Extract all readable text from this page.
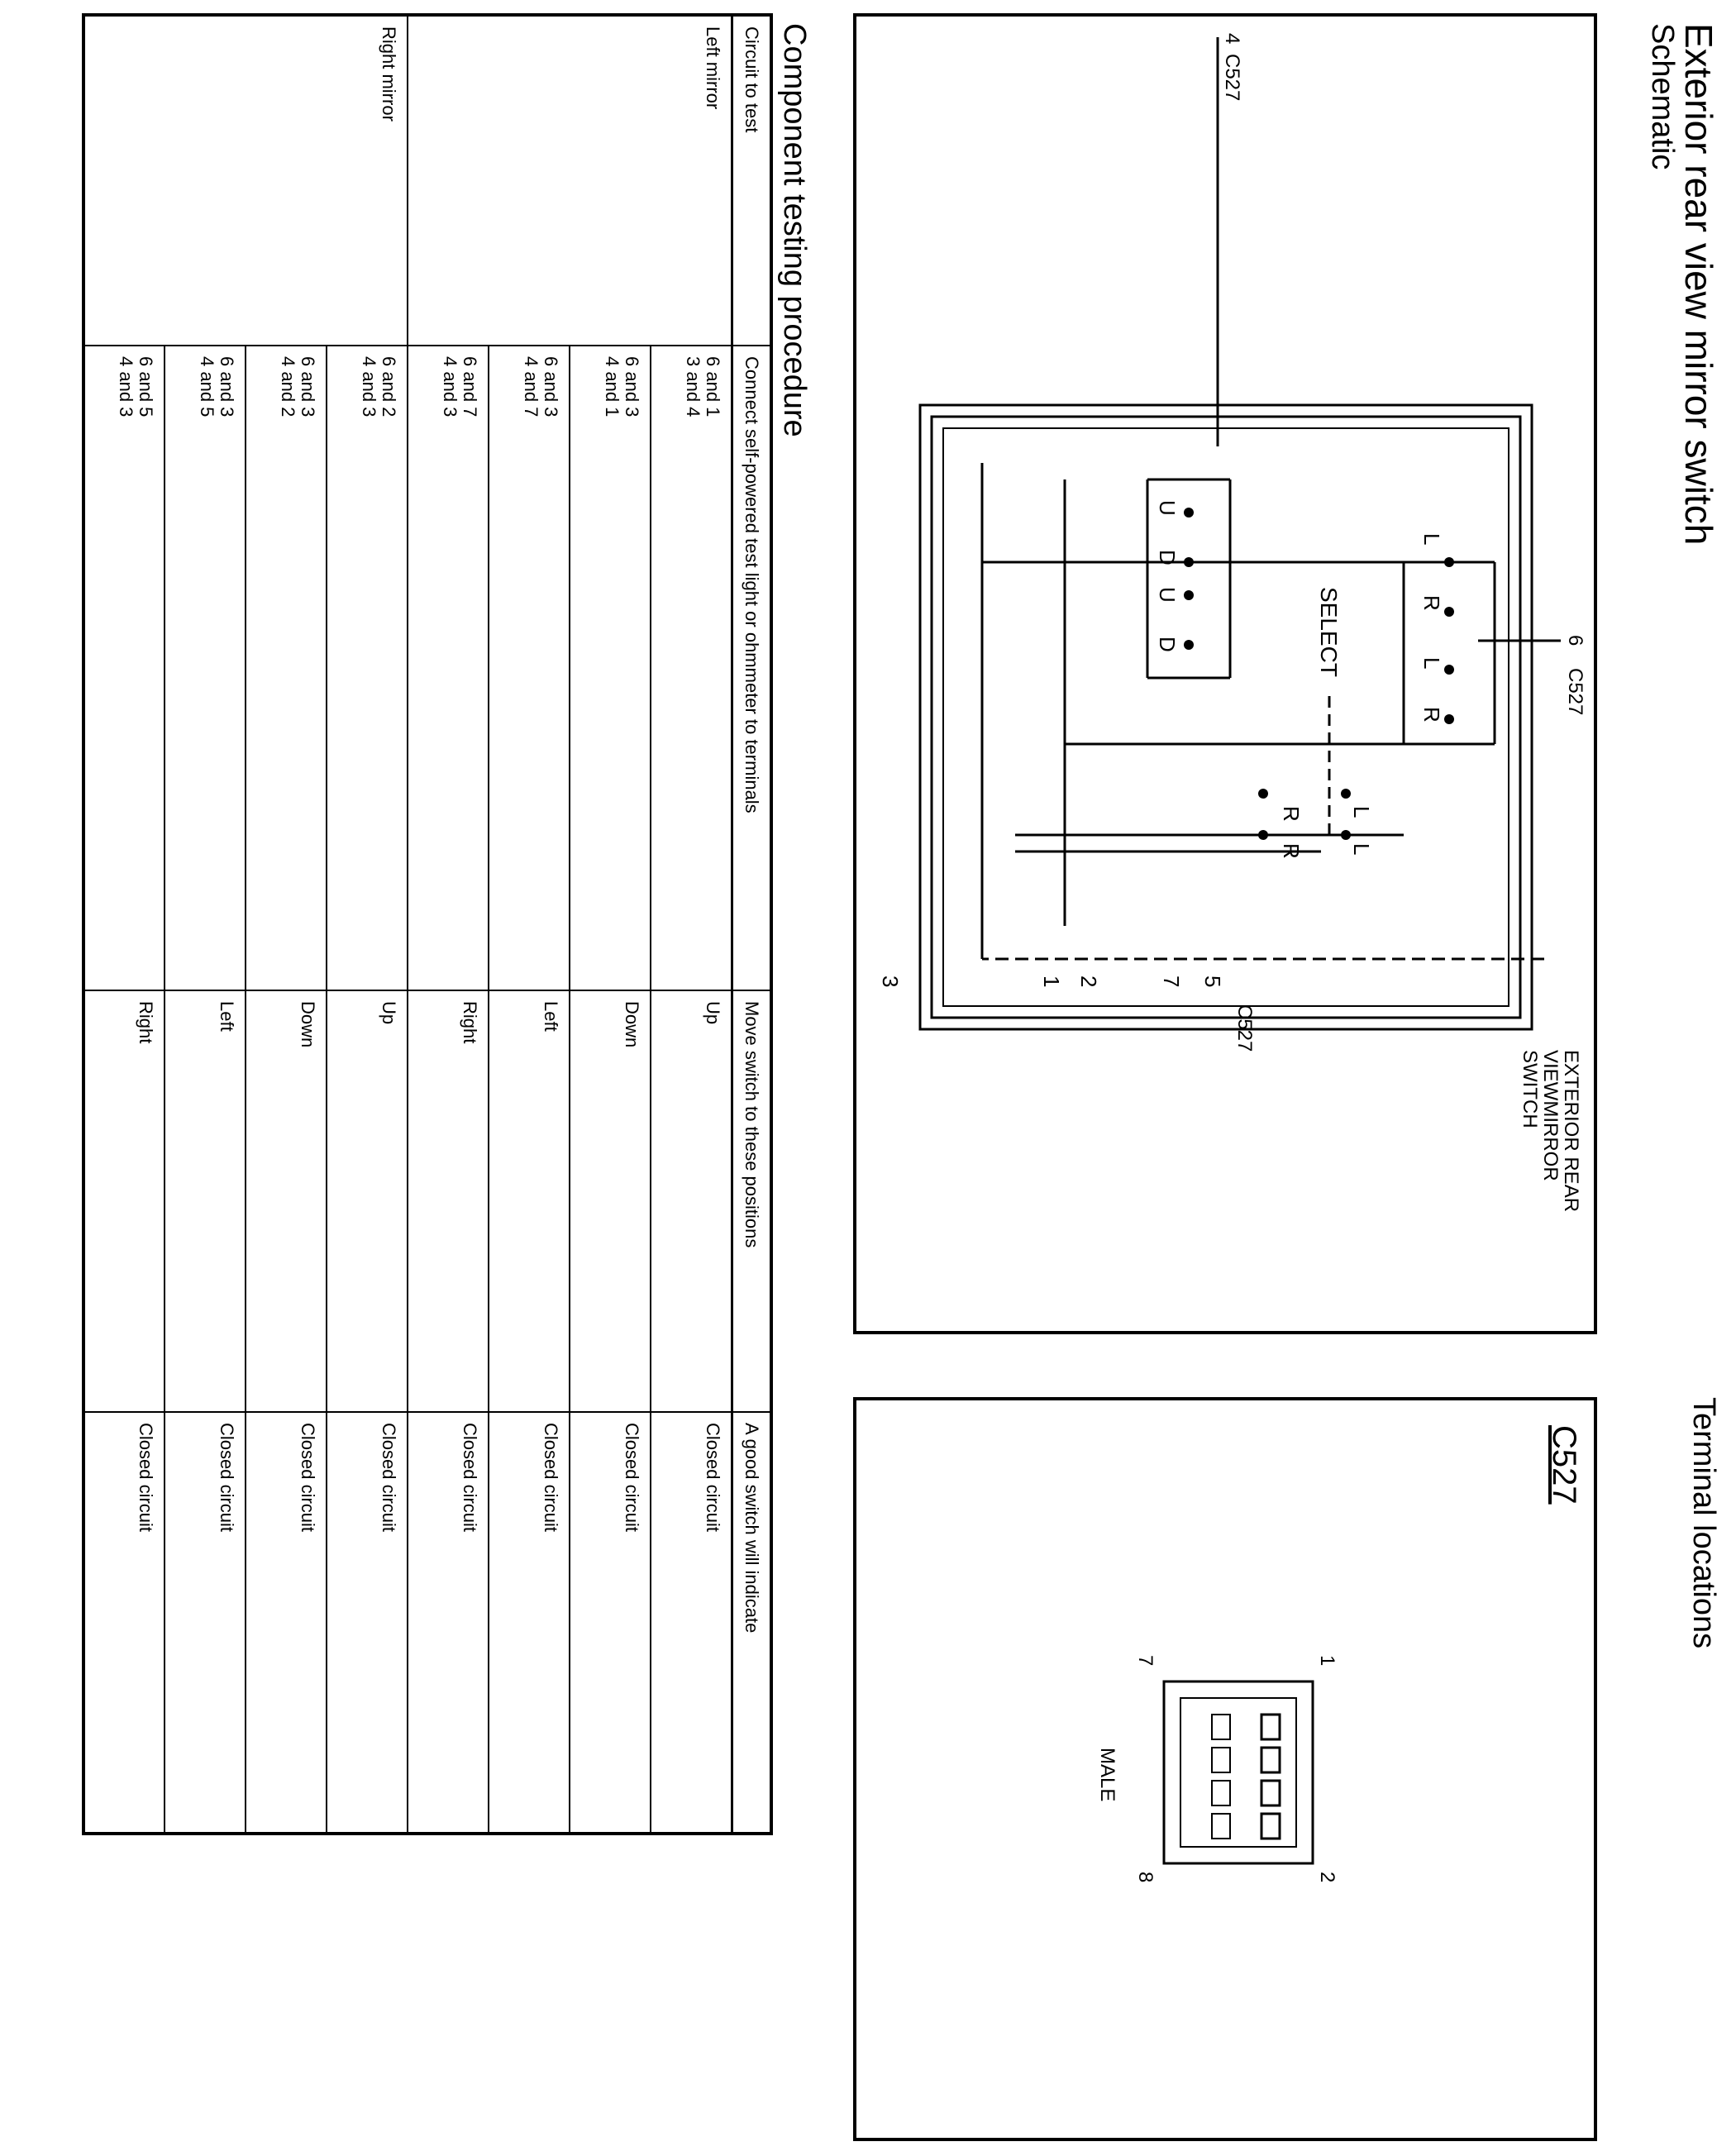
Exterior rear view mirror switch
Schematic
Terminal locations
6
C527
4
C527
L
R
L
R
U
D
U
D	SELECT
L
R
L
R
3	1 2	7 5
C527
EXTERIOR REAR
VIEWMIRROR
SWITCH
C527
1
2
7
8
MALE
Component testing procedure
Circuit to test	Connect self-powered test light or ohmmeter to terminals	Move switch to these positions	A good switch will indicate
Left mirror	6 and 1
3 and 4	Up	Closed circuit

	6 and 3
4 and 1	Down	Closed circuit

	6 and 3
4 and 7	Left	Closed circuit

	6 and 7
4 and 3	Right	Closed circuit
Right mirror	6 and 2
4 and 3	Up	Closed circuit

	6 and 3
4 and 2	Down	Closed circuit

	6 and 3
4 and 5	Left	Closed circuit

	6 and 5
4 and 3	Right	Closed circuit
